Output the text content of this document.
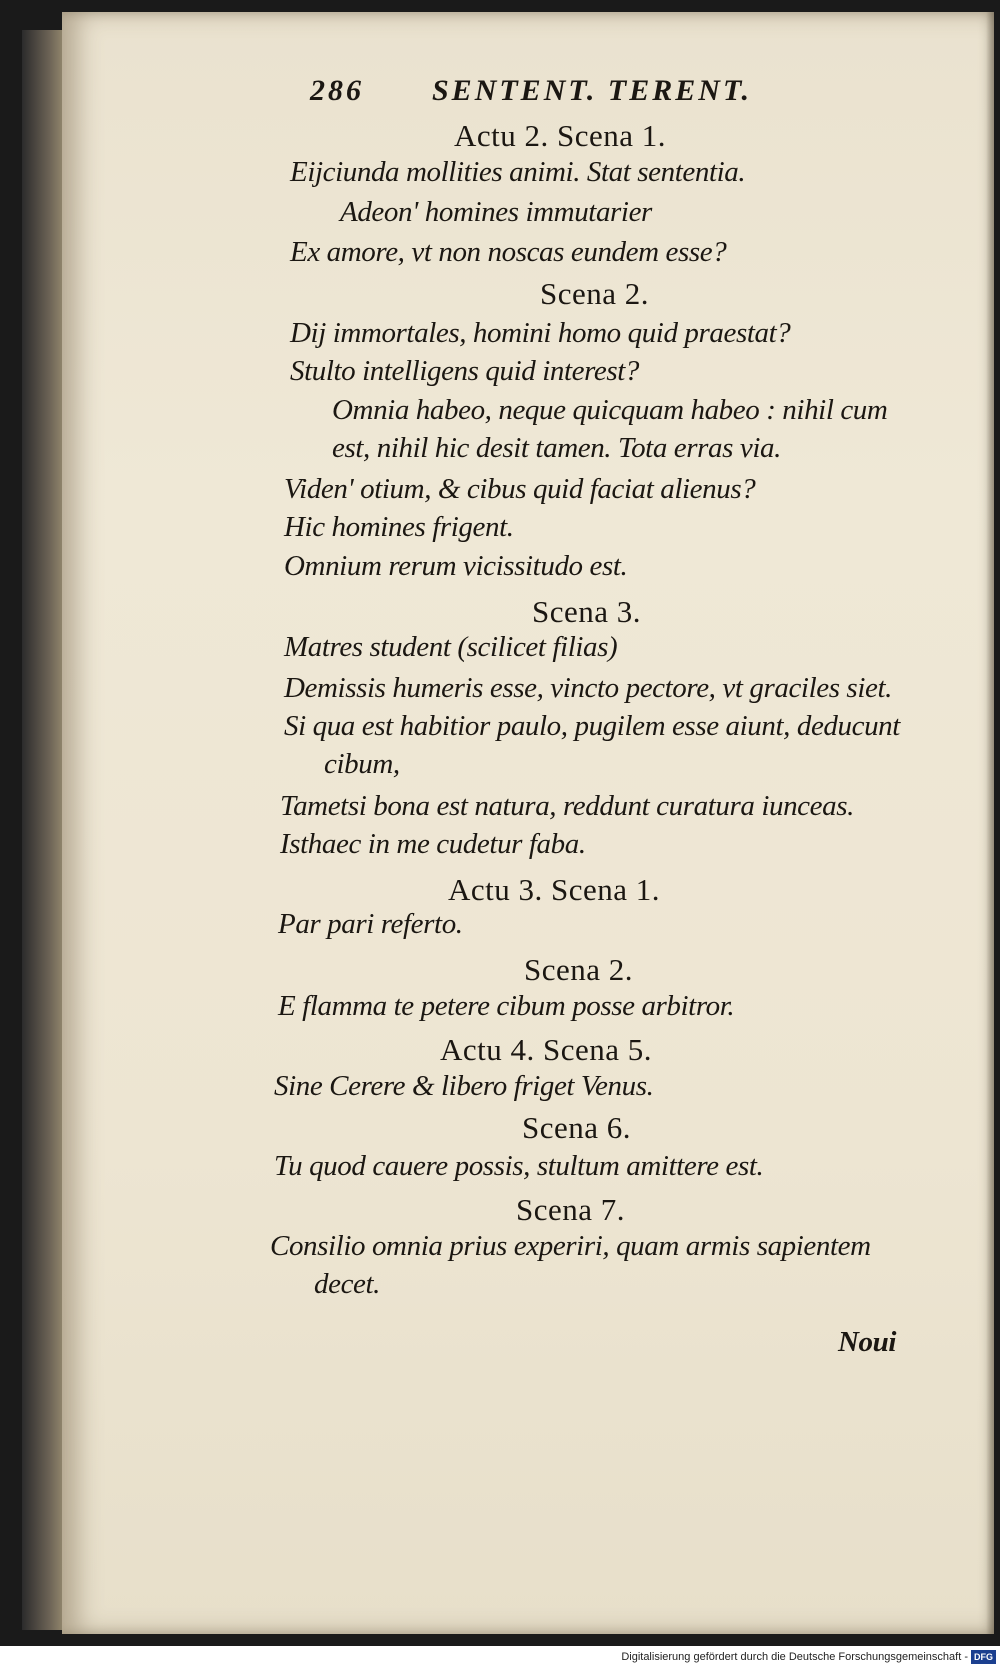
286 SENTENT. TERENT.
Actu 2. Scena 1.
Eijciunda mollities animi. Stat sententia.
Adeon' homines immutarier
Ex amore, vt non noscas eundem esse?
Scena 2.
Dij immortales, homini homo quid praestat?
Stulto intelligens quid interest?
Omnia habeo, neque quicquam habeo : nihil cum
est, nihil hic desit tamen. Tota erras via.
Viden' otium, & cibus quid faciat alienus?
Hic homines frigent.
Omnium rerum vicissitudo est.
Scena 3.
Matres student (scilicet filias)
Demissis humeris esse, vincto pectore, vt graciles siet.
Si qua est habitior paulo, pugilem esse aiunt, deducunt
cibum,
Tametsi bona est natura, reddunt curatura iunceas.
Isthaec in me cudetur faba.
Actu 3. Scena 1.
Par pari referto.
Scena 2.
E flamma te petere cibum posse arbitror.
Actu 4. Scena 5.
Sine Cerere & libero friget Venus.
Scena 6.
Tu quod cauere possis, stultum amittere est.
Scena 7.
Consilio omnia prius experiri, quam armis sapientem
decet.
Noui
Digitalisierung gefördert durch die Deutsche Forschungsgemeinschaft - DFG
